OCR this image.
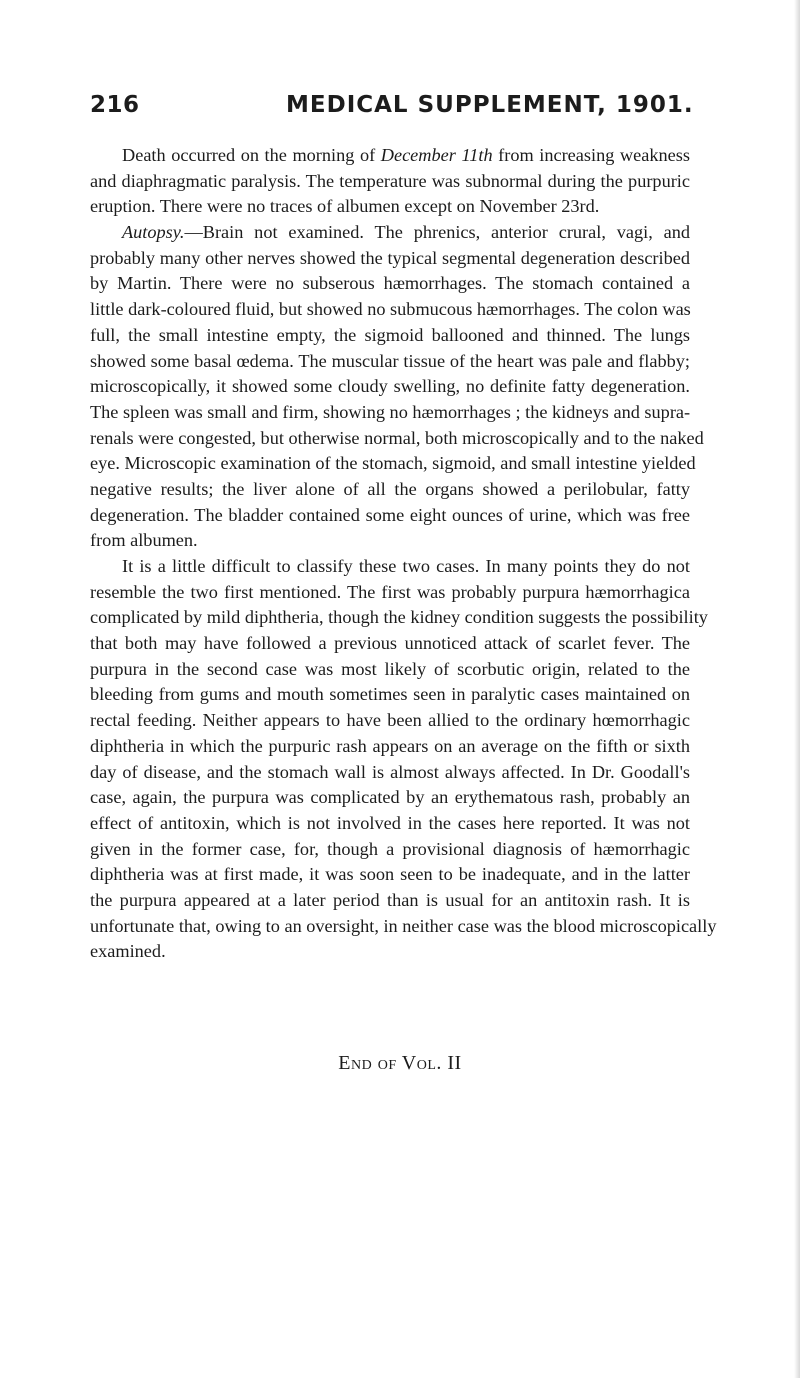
216	MEDICAL SUPPLEMENT, 1901.
Death occurred on the morning of December 11th from increasing weakness
and diaphragmatic paralysis. The temperature was subnormal during the purpuric
eruption. There were no traces of albumen except on November 23rd.
Autopsy.—Brain not examined. The phrenics, anterior crural, vagi, and
probably many other nerves showed the typical segmental degeneration described
by Martin. There were no subserous hæmorrhages. The stomach contained a
little dark-coloured fluid, but showed no submucous hæmorrhages. The colon was
full, the small intestine empty, the sigmoid ballooned and thinned. The lungs
showed some basal œdema. The muscular tissue of the heart was pale and flabby;
microscopically, it showed some cloudy swelling, no definite fatty degeneration.
The spleen was small and firm, showing no hæmorrhages ; the kidneys and supra-
renals were congested, but otherwise normal, both microscopically and to the naked
eye. Microscopic examination of the stomach, sigmoid, and small intestine yielded
negative results; the liver alone of all the organs showed a perilobular, fatty
degeneration. The bladder contained some eight ounces of urine, which was free
from albumen.
It is a little difficult to classify these two cases. In many points they do not
resemble the two first mentioned. The first was probably purpura hæmorrhagica
complicated by mild diphtheria, though the kidney condition suggests the possibility
that both may have followed a previous unnoticed attack of scarlet fever. The
purpura in the second case was most likely of scorbutic origin, related to the
bleeding from gums and mouth sometimes seen in paralytic cases maintained on
rectal feeding. Neither appears to have been allied to the ordinary hœmorrhagic
diphtheria in which the purpuric rash appears on an average on the fifth or sixth
day of disease, and the stomach wall is almost always affected. In Dr. Goodall's
case, again, the purpura was complicated by an erythematous rash, probably an
effect of antitoxin, which is not involved in the cases here reported. It was not
given in the former case, for, though a provisional diagnosis of hæmorrhagic
diphtheria was at first made, it was soon seen to be inadequate, and in the latter
the purpura appeared at a later period than is usual for an antitoxin rash. It is
unfortunate that, owing to an oversight, in neither case was the blood microscopically
examined.
End of Vol. II
